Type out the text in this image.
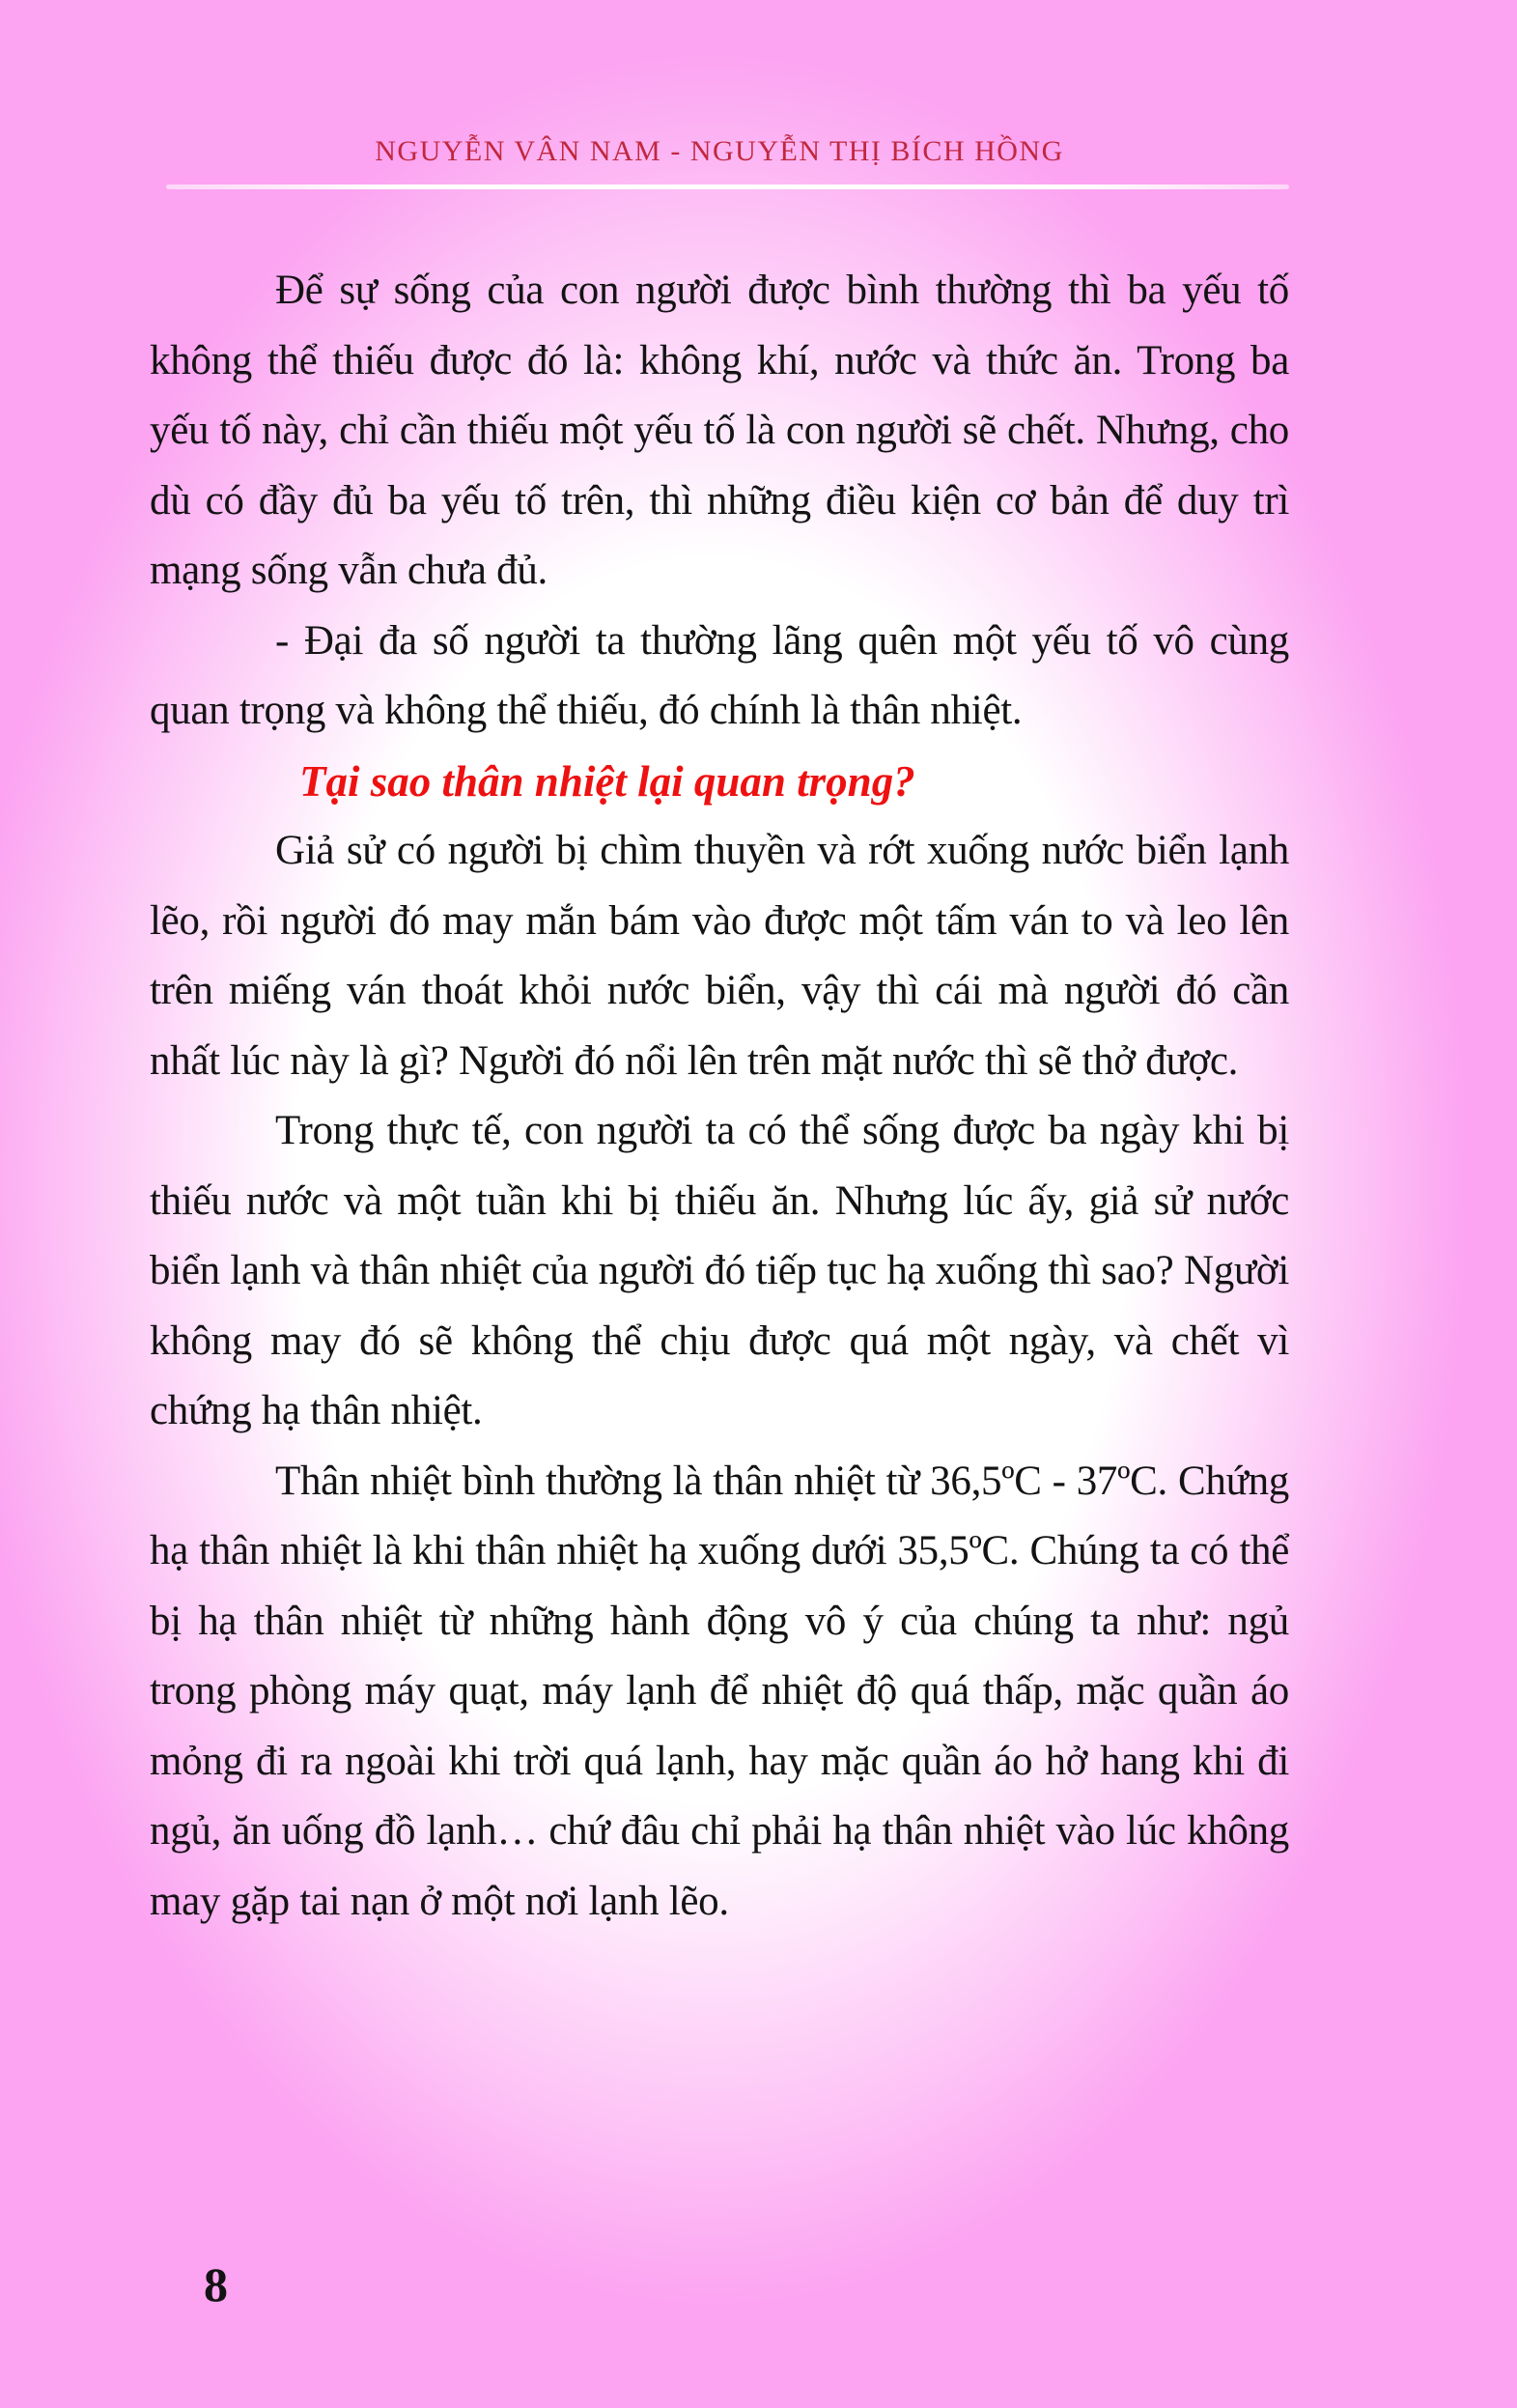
NGUYỄN VÂN NAM - NGUYỄN THỊ BÍCH HỒNG

Để sự sống của con người được bình thường thì ba yếu tố không thể thiếu được đó là: không khí, nước và thức ăn. Trong ba yếu tố này, chỉ cần thiếu một yếu tố là con người sẽ chết. Nhưng, cho dù có đầy đủ ba yếu tố trên, thì những điều kiện cơ bản để duy trì mạng sống vẫn chưa đủ.

- Đại đa số người ta thường lãng quên một yếu tố vô cùng quan trọng và không thể thiếu, đó chính là thân nhiệt.

Tại sao thân nhiệt lại quan trọng?

Giả sử có người bị chìm thuyền và rớt xuống nước biển lạnh lẽo, rồi người đó may mắn bám vào được một tấm ván to và leo lên trên miếng ván thoát khỏi nước biển, vậy thì cái mà người đó cần nhất lúc này là gì? Người đó nổi lên trên mặt nước thì sẽ thở được.

Trong thực tế, con người ta có thể sống được ba ngày khi bị thiếu nước và một tuần khi bị thiếu ăn. Nhưng lúc ấy, giả sử nước biển lạnh và thân nhiệt của người đó tiếp tục hạ xuống thì sao? Người không may đó sẽ không thể chịu được quá một ngày, và chết vì chứng hạ thân nhiệt.

Thân nhiệt bình thường là thân nhiệt từ 36,5ºC - 37ºC. Chứng hạ thân nhiệt là khi thân nhiệt hạ xuống dưới 35,5ºC. Chúng ta có thể bị hạ thân nhiệt từ những hành động vô ý của chúng ta như: ngủ trong phòng máy quạt, máy lạnh để nhiệt độ quá thấp, mặc quần áo mỏng đi ra ngoài khi trời quá lạnh, hay mặc quần áo hở hang khi đi ngủ, ăn uống đồ lạnh… chứ đâu chỉ phải hạ thân nhiệt vào lúc không may gặp tai nạn ở một nơi lạnh lẽo.

8
